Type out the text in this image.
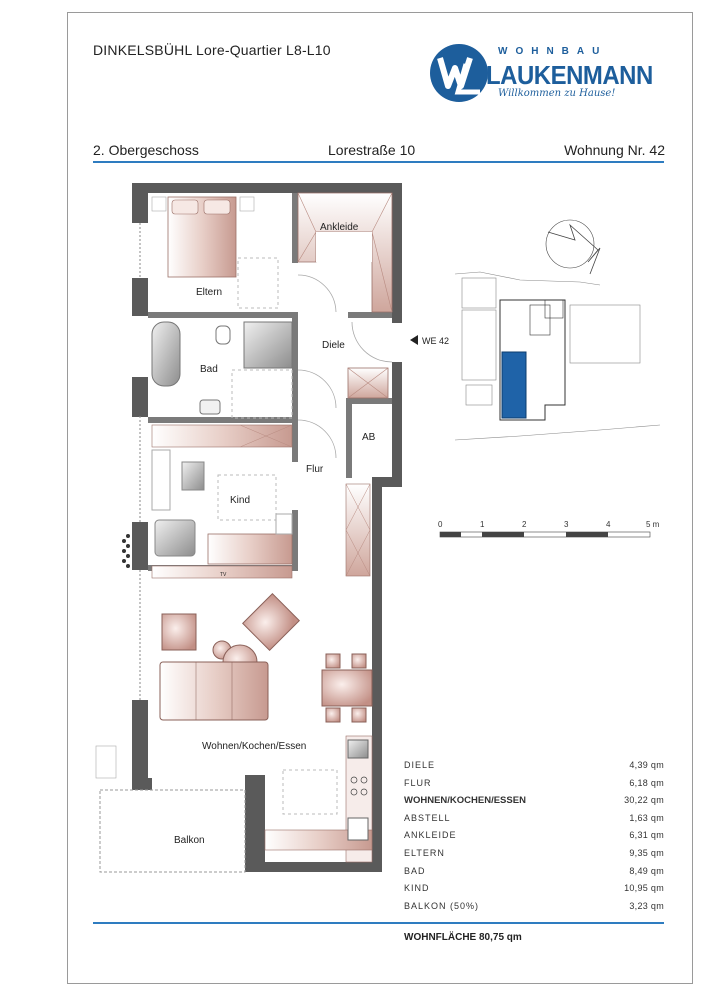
DINKELSBÜHL Lore-Quartier L8-L10	WOHNBAU
LAUKENMANN
Willkommen zu Hause!
2. Obergeschoss	Lorestraße 10	Wohnung Nr. 42
Ankleide
Eltern
Bad
Diele	WE 42
AB
Flur
Kind
Wohnen/Kochen/Essen
Balkon
TV
0	1	2	3	4	5 m
DIELE	4,39 qm
FLUR	6,18 qm
WOHNEN/KOCHEN/ESSEN	30,22 qm
ABSTELL	1,63 qm
ANKLEIDE	6,31 qm
ELTERN	9,35 qm
BAD	8,49 qm
KIND	10,95 qm
BALKON (50%)	3,23 qm
WOHNFLÄCHE 80,75 qm
